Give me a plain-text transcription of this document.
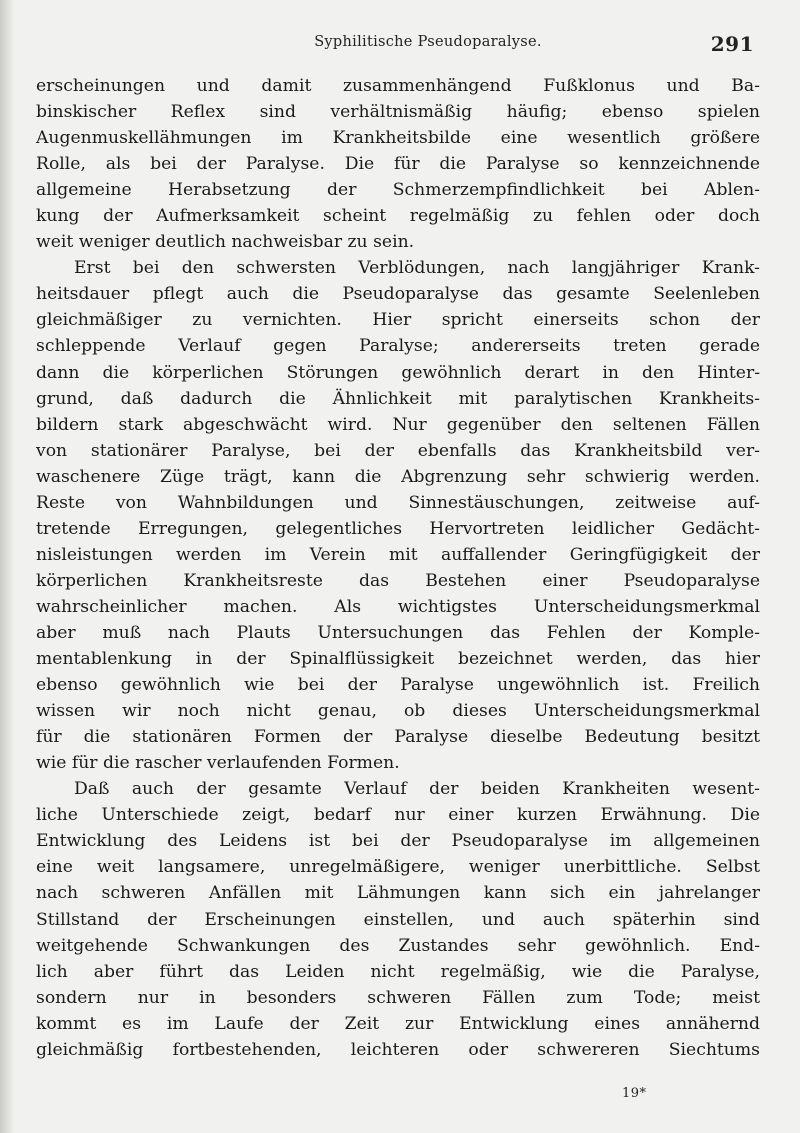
Syphilitische Pseudoparalyse.	291
erscheinungen und damit zusammenhängend Fußklonus und Ba-
binskischer Reflex sind verhältnismäßig häufig; ebenso spielen
Augenmuskellähmungen im Krankheitsbilde eine wesentlich größere
Rolle, als bei der Paralyse. Die für die Paralyse so kennzeichnende
allgemeine Herabsetzung der Schmerzempfindlichkeit bei Ablen-
kung der Aufmerksamkeit scheint regelmäßig zu fehlen oder doch
weit weniger deutlich nachweisbar zu sein.
Erst bei den schwersten Verblödungen, nach langjähriger Krank-
heitsdauer pflegt auch die Pseudoparalyse das gesamte Seelenleben
gleichmäßiger zu vernichten. Hier spricht einerseits schon der
schleppende Verlauf gegen Paralyse; andererseits treten gerade
dann die körperlichen Störungen gewöhnlich derart in den Hinter-
grund, daß dadurch die Ähnlichkeit mit paralytischen Krankheits-
bildern stark abgeschwächt wird. Nur gegenüber den seltenen Fällen
von stationärer Paralyse, bei der ebenfalls das Krankheitsbild ver-
waschenere Züge trägt, kann die Abgrenzung sehr schwierig werden.
Reste von Wahnbildungen und Sinnestäuschungen, zeitweise auf-
tretende Erregungen, gelegentliches Hervortreten leidlicher Gedächt-
nisleistungen werden im Verein mit auffallender Geringfügigkeit der
körperlichen Krankheitsreste das Bestehen einer Pseudoparalyse
wahrscheinlicher machen. Als wichtigstes Unterscheidungsmerkmal
aber muß nach Plauts Untersuchungen das Fehlen der Komple-
mentablenkung in der Spinalflüssigkeit bezeichnet werden, das hier
ebenso gewöhnlich wie bei der Paralyse ungewöhnlich ist. Freilich
wissen wir noch nicht genau, ob dieses Unterscheidungsmerkmal
für die stationären Formen der Paralyse dieselbe Bedeutung besitzt
wie für die rascher verlaufenden Formen.
Daß auch der gesamte Verlauf der beiden Krankheiten wesent-
liche Unterschiede zeigt, bedarf nur einer kurzen Erwähnung. Die
Entwicklung des Leidens ist bei der Pseudoparalyse im allgemeinen
eine weit langsamere, unregelmäßigere, weniger unerbittliche. Selbst
nach schweren Anfällen mit Lähmungen kann sich ein jahrelanger
Stillstand der Erscheinungen einstellen, und auch späterhin sind
weitgehende Schwankungen des Zustandes sehr gewöhnlich. End-
lich aber führt das Leiden nicht regelmäßig, wie die Paralyse,
sondern nur in besonders schweren Fällen zum Tode; meist
kommt es im Laufe der Zeit zur Entwicklung eines annähernd
gleichmäßig fortbestehenden, leichteren oder schwereren Siechtums
19*
